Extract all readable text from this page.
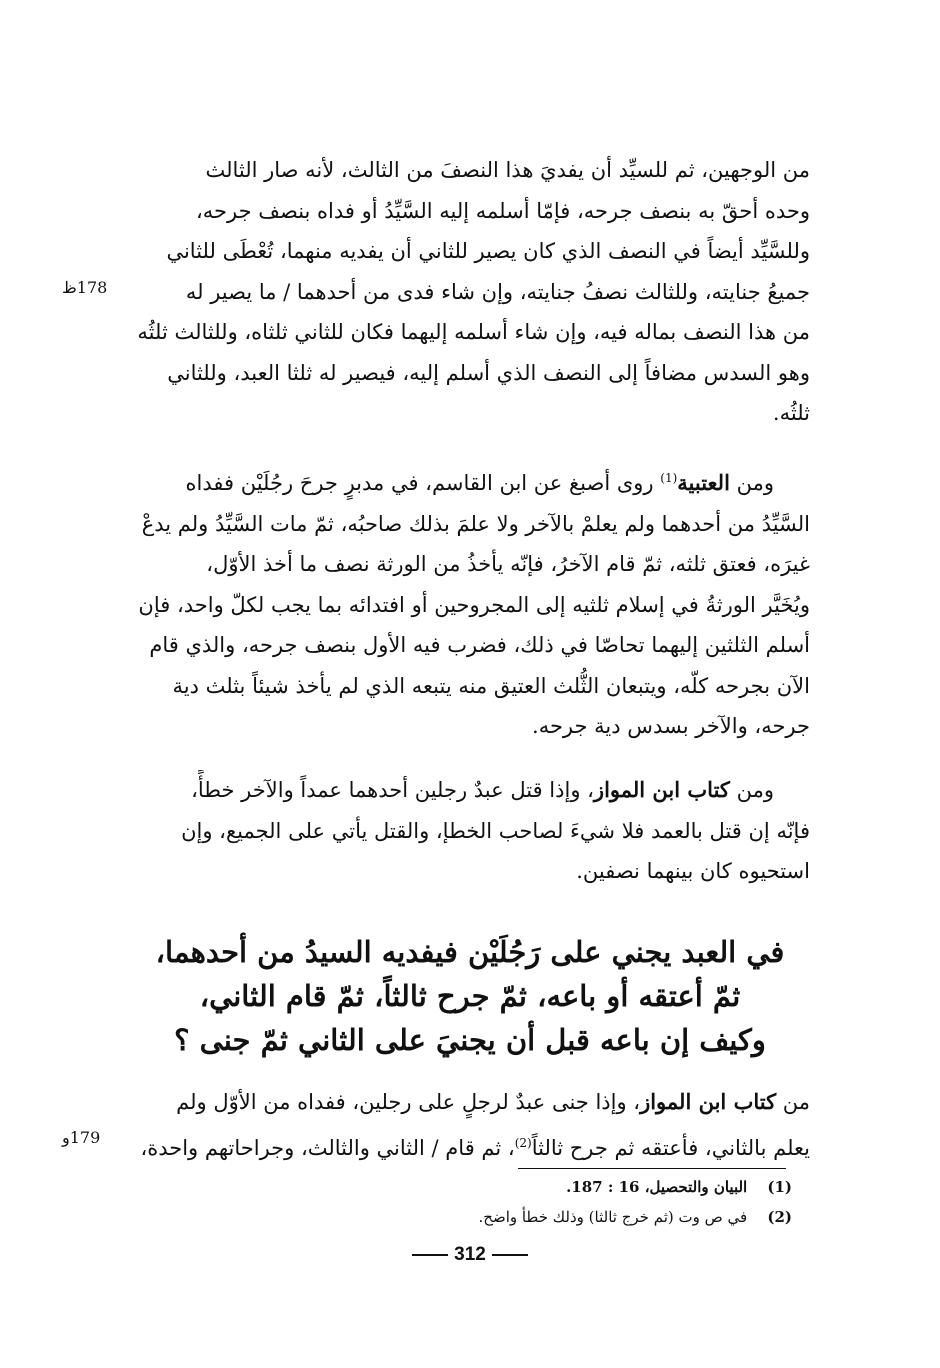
من الوجهين، ثم للسيِّد أن يفديَ هذا النصفَ من الثالث، لأنه صار الثالث
وحده أحقّ به بنصف جرحه، فإمّا أسلمه إليه السَّيِّدُ أو فداه بنصف جرحه،
وللسَّيِّد أيضاً في النصف الذي كان يصير للثاني أن يفديه منهما، تُعْطَى للثاني
جميعُ جنايته، وللثالث نصفُ جنايته، وإن شاء فدى من أحدهما / ما يصير له
من هذا النصف بماله فيه، وإن شاء أسلمه إليهما فكان للثاني ثلثاه، وللثالث ثلثُه
وهو السدس مضافاً إلى النصف الذي أسلم إليه، فيصير له ثلثا العبد، وللثاني
ثلثُه.
178ظ
ومن العتبية$^{(1)}$ روى أصبغ عن ابن القاسم، في مدبرٍ جرحَ رجُلَيْن ففداه
السَّيِّدُ من أحدهما ولم يعلمْ بالآخر ولا علمَ بذلك صاحبُه، ثمّ مات السَّيِّدُ ولم يدعْ
غيرَه، فعتق ثلثه، ثمّ قام الآخرُ، فإنّه يأخذُ من الورثة نصف ما أخذ الأوّل،
ويُخَيَّر الورثةُ في إسلام ثلثيه إلى المجروحين أو افتدائه بما يجب لكلّ واحد، فإن
أسلم الثلثين إليهما تحاصّا في ذلك، فضرب فيه الأول بنصف جرحه، والذي قام
الآن بجرحه كلّه، ويتبعان الثُّلث العتيق منه يتبعه الذي لم يأخذ شيئاً بثلث دية
جرحه، والآخر بسدس دية جرحه.
ومن كتاب ابن المواز، وإذا قتل عبدٌ رجلين أحدهما عمداً والآخر خطأً،
فإنّه إن قتل بالعمد فلا شيءَ لصاحب الخطإ، والقتل يأتي على الجميع، وإن
استحيوه كان بينهما نصفين.
في العبد يجني على رَجُلَيْن فيفديه السيدُ من أحدهما،
ثمّ أعتقه أو باعه، ثمّ جرح ثالثاً، ثمّ قام الثاني،
وكيف إن باعه قبل أن يجنيَ على الثاني ثمّ جنى ؟
من كتاب ابن المواز، وإذا جنى عبدٌ لرجلٍ على رجلين، ففداه من الأوّل ولم
يعلم بالثاني، فأعتقه ثم جرح ثالثاً$^{(2)}$، ثم قام / الثاني والثالث، وجراحاتهم واحدة،
179و
(1) البيان والتحصيل، 16 : 187.
(2) في ص وت (ثم خرج ثالثا) وذلك خطأ واضح.
312
